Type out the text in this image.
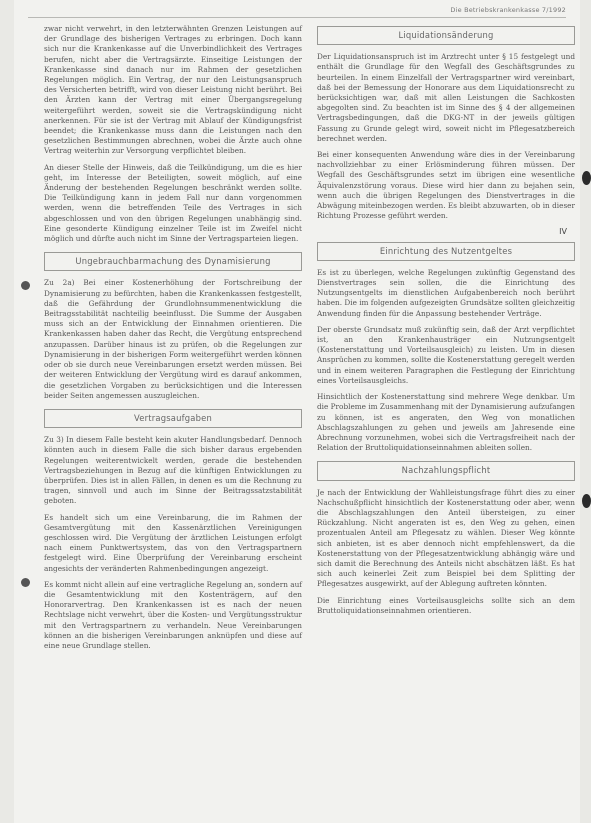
Die Betriebskrankenkasse 7/1992

zwar nicht verwehrt, in den letzterwähnten Grenzen Leistungen auf der Grundlage des bisherigen Vertrages zu erbringen. Doch kann sich nur die Krankenkasse auf die Unverbindlichkeit des Vertrages berufen, nicht aber die Vertragsärzte. Einseitige Leistungen der Krankenkasse sind danach nur im Rahmen der gesetzlichen Regelungen möglich. Ein Vertrag, der nur den Leistungsanspruch des Versicherten betrifft, wird von dieser Leistung nicht berührt. Bei den Ärzten kann der Vertrag mit einer Übergangsregelung weitergeführt werden, soweit sie die Vertragskündigung nicht anerkennen. Für sie ist der Vertrag mit Ablauf der Kündigungsfrist beendet; die Krankenkasse muss dann die Leistungen nach den gesetzlichen Bestimmungen abrechnen, wobei die Ärzte auch ohne Vertrag weiterhin zur Versorgung verpflichtet bleiben.

An dieser Stelle der Hinweis, daß die Teilkündigung, um die es hier geht, im Interesse der Beteiligten, soweit möglich, auf eine Änderung der bestehenden Regelungen beschränkt werden sollte. Die Teilkündigung kann in jedem Fall nur dann vorgenommen werden, wenn die betreffenden Teile des Vertrages in sich abgeschlossen und von den übrigen Regelungen unabhängig sind. Eine gesonderte Kündigung einzelner Teile ist im Zweifel nicht möglich und dürfte auch nicht im Sinne der Vertragsparteien liegen.

Ungebrauchbarmachung des Dynamisierung

Zu 2a) Bei einer Kostenerhöhung der Fortschreibung der Dynamisierung zu befürchten, haben die Krankenkassen festgestellt, daß die Gefährdung der Grundlohnsummenentwicklung die Beitragsstabilität nachteilig beeinflusst. Die Summe der Ausgaben muss sich an der Entwicklung der Einnahmen orientieren. Die Krankenkassen haben daher das Recht, die Vergütung entsprechend anzupassen. Darüber hinaus ist zu prüfen, ob die Regelungen zur Dynamisierung in der bisherigen Form weitergeführt werden können oder ob sie durch neue Vereinbarungen ersetzt werden müssen. Bei der weiteren Entwicklung der Vergütung wird es darauf ankommen, die gesetzlichen Vorgaben zu berücksichtigen und die Interessen beider Seiten angemessen auszugleichen.

Vertragsaufgaben

Zu 3) In diesem Falle besteht kein akuter Handlungsbedarf. Dennoch könnten auch in diesem Falle die sich bisher daraus ergebenden Regelungen weiterentwickelt werden, gerade die bestehenden Vertragsbeziehungen in Bezug auf die künftigen Entwicklungen zu überprüfen. Dies ist in allen Fällen, in denen es um die Rechnung zu tragen, sinnvoll und auch im Sinne der Beitragssatzstabilität geboten.

Es handelt sich um eine Vereinbarung, die im Rahmen der Gesamtvergütung mit den Kassenärztlichen Vereinigungen geschlossen wird. Die Vergütung der ärztlichen Leistungen erfolgt nach einem Punktwertsystem, das von den Vertragspartnern festgelegt wird. Eine Überprüfung der Vereinbarung erscheint angesichts der veränderten Rahmenbedingungen angezeigt.

Es kommt nicht allein auf eine vertragliche Regelung an, sondern auf die Gesamtentwicklung mit den Kostenträgern, auf den Honorarvertrag. Den Krankenkassen ist es nach der neuen Rechtslage nicht verwehrt, über die Kosten- und Vergütungsstruktur mit den Vertragspartnern zu verhandeln. Neue Vereinbarungen können an die bisherigen Vereinbarungen anknüpfen und diese auf eine neue Grundlage stellen.

Liquidationsänderung

Der Liquidationsanspruch ist im Arztrecht unter § 15 festgelegt und enthält die Grundlage für den Wegfall des Geschäftsgrundes zu beurteilen. In einem Einzelfall der Vertragspartner wird vereinbart, daß bei der Bemessung der Honorare aus dem Liquidationsrecht zu berücksichtigen war, daß mit allen Leistungen die Sachkosten abgegolten sind. Zu beachten ist im Sinne des § 4 der allgemeinen Vertragsbedingungen, daß die DKG-NT in der jeweils gültigen Fassung zu Grunde gelegt wird, soweit nicht im Pflegesatzbereich berechnet werden.

Bei einer konsequenten Anwendung wäre dies in der Vereinbarung nachvollziehbar zu einer Erlösminderung führen müssen. Der Wegfall des Geschäftsgrundes setzt im übrigen eine wesentliche Äquivalenzstörung voraus. Diese wird hier dann zu bejahen sein, wenn auch die übrigen Regelungen des Dienstvertrages in die Abwägung miteinbezogen werden. Es bleibt abzuwarten, ob in dieser Richtung Prozesse geführt werden.

IV
Einrichtung des Nutzentgeltes

Es ist zu überlegen, welche Regelungen zukünftig Gegenstand des Dienstvertrages sein sollen, die die Einrichtung des Nutzungsentgelts im dienstlichen Aufgabenbereich noch berührt haben. Die im folgenden aufgezeigten Grundsätze sollten gleichzeitig Anwendung finden für die Anpassung bestehender Verträge.

Der oberste Grundsatz muß zukünftig sein, daß der Arzt verpflichtet ist, an den Krankenhausträger ein Nutzungsentgelt (Kostenerstattung und Vorteilsausgleich) zu leisten. Um in diesen Ansprüchen zu kommen, sollte die Kostenerstattung geregelt werden und in einem weiteren Paragraphen die Festlegung der Einrichtung eines Vorteilsausgleichs.

Hinsichtlich der Kostenerstattung sind mehrere Wege denkbar. Um die Probleme im Zusammenhang mit der Dynamisierung aufzufangen zu können, ist es angeraten, den Weg von monatlichen Abschlagszahlungen zu gehen und jeweils am Jahresende eine Abrechnung vorzunehmen, wobei sich die Vertragsfreiheit nach der Relation der Bruttoliquidationseinnahmen ableiten sollen.

Nachzahlungspflicht

Je nach der Entwicklung der Wahlleistungsfrage führt dies zu einer Nachschußpflicht hinsichtlich der Kostenerstattung oder aber, wenn die Abschlagszahlungen den Anteil übersteigen, zu einer Rückzahlung. Nicht angeraten ist es, den Weg zu gehen, einen prozentualen Anteil am Pflegesatz zu wählen. Dieser Weg könnte sich anbieten, ist es aber dennoch nicht empfehlenswert, da die Kostenerstattung von der Pflegesatzentwicklung abhängig wäre und sich damit die Berechnung des Anteils nicht abschätzen läßt. Es hat sich auch keinerlei Zeit zum Beispiel bei dem Splitting der Pflegesatzes ausgewirkt, auf der Ablegung auftreten könnten.

Die Einrichtung eines Vorteilsausgleichs sollte sich an dem Bruttoliquidationseinnahmen orientieren.
